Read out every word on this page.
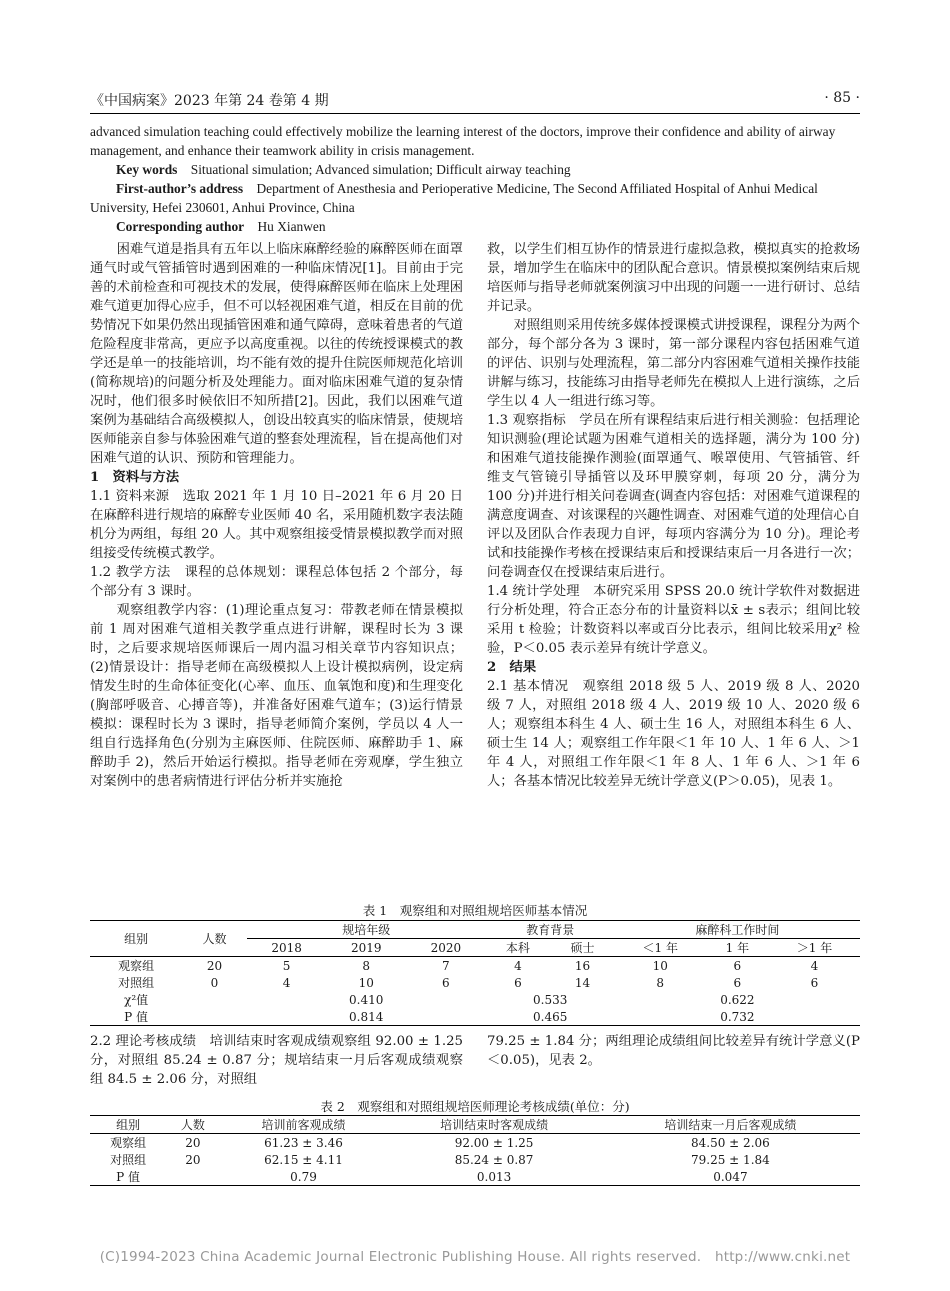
《中国病案》2023 年第 24 卷第 4 期	· 85 ·

advanced simulation teaching could effectively mobilize the learning interest of the doctors, improve their confidence and ability of airway management, and enhance their teamwork ability in crisis management.

Key words　 Situational simulation; Advanced simulation; Difficult airway teaching

First-author’s address　 Department of Anesthesia and Perioperative Medicine, The Second Affiliated Hospital of Anhui Medical University, Hefei 230601, Anhui Province, China

Corresponding author　 Hu Xianwen

困难气道是指具有五年以上临床麻醉经验的麻醉医师在面罩通气时或气管插管时遇到困难的一种临床情况[1]。目前由于完善的术前检查和可视技术的发展，使得麻醉医师在临床上处理困难气道更加得心应手，但不可以轻视困难气道，相反在目前的优势情况下如果仍然出现插管困难和通气障碍，意味着患者的气道危险程度非常高，更应予以高度重视。以往的传统授课模式的教学还是单一的技能培训，均不能有效的提升住院医师规范化培训(简称规培)的问题分析及处理能力。面对临床困难气道的复杂情况时，他们很多时候依旧不知所措[2]。因此，我们以困难气道案例为基础结合高级模拟人，创设出较真实的临床情景，使规培医师能亲自参与体验困难气道的整套处理流程，旨在提高他们对困难气道的认识、预防和管理能力。

1　资料与方法

1.1 资料来源　选取 2021 年 1 月 10 日–2021 年 6 月 20 日在麻醉科进行规培的麻醉专业医师 40 名，采用随机数字表法随机分为两组，每组 20 人。其中观察组接受情景模拟教学而对照组接受传统模式教学。

1.2 教学方法　课程的总体规划：课程总体包括 2 个部分，每个部分有 3 课时。

观察组教学内容：(1)理论重点复习：带教老师在情景模拟前 1 周对困难气道相关教学重点进行讲解，课程时长为 3 课时，之后要求规培医师课后一周内温习相关章节内容知识点；(2)情景设计：指导老师在高级模拟人上设计模拟病例，设定病情发生时的生命体征变化(心率、血压、血氧饱和度)和生理变化(胸部呼吸音、心搏音等)，并准备好困难气道车；(3)运行情景模拟：课程时长为 3 课时，指导老师简介案例，学员以 4 人一组自行选择角色(分别为主麻医师、住院医师、麻醉助手 1、麻醉助手 2)，然后开始运行模拟。指导老师在旁观摩，学生独立对案例中的患者病情进行评估分析并实施抢

救，以学生们相互协作的情景进行虚拟急救，模拟真实的抢救场景，增加学生在临床中的团队配合意识。情景模拟案例结束后规培医师与指导老师就案例演习中出现的问题一一进行研讨、总结并记录。

对照组则采用传统多媒体授课模式讲授课程，课程分为两个部分，每个部分各为 3 课时，第一部分课程内容包括困难气道的评估、识别与处理流程，第二部分内容困难气道相关操作技能讲解与练习，技能练习由指导老师先在模拟人上进行演练，之后学生以 4 人一组进行练习等。

1.3 观察指标　学员在所有课程结束后进行相关测验：包括理论知识测验(理论试题为困难气道相关的选择题，满分为 100 分)和困难气道技能操作测验(面罩通气、喉罩使用、气管插管、纤维支气管镜引导插管以及环甲膜穿刺，每项 20 分，满分为 100 分)并进行相关问卷调查(调查内容包括：对困难气道课程的满意度调查、对该课程的兴趣性调查、对困难气道的处理信心自评以及团队合作表现力自评，每项内容满分为 10 分)。理论考试和技能操作考核在授课结束后和授课结束后一月各进行一次；问卷调查仅在授课结束后进行。

1.4 统计学处理　本研究采用 SPSS 20.0 统计学软件对数据进行分析处理，符合正态分布的计量资料以x̄ ± s表示；组间比较采用 t 检验；计数资料以率或百分比表示，组间比较采用χ² 检验，P＜0.05 表示差异有统计学意义。

2　结果

2.1 基本情况　观察组 2018 级 5 人、2019 级 8 人、2020 级 7 人，对照组 2018 级 4 人、2019 级 10 人、2020 级 6 人；观察组本科生 4 人、硕士生 16 人，对照组本科生 6 人、硕士生 14 人；观察组工作年限＜1 年 10 人、1 年 6 人、＞1 年 4 人，对照组工作年限＜1 年 8 人、1 年 6 人、＞1 年 6 人；各基本情况比较差异无统计学意义(P＞0.05)，见表 1。

表 1　观察组和对照组规培医师基本情况
组别	人数	规培年级			教育背景		麻醉科工作时间		
		2018	2019	2020	本科	硕士	＜1 年	1 年	＞1 年
观察组	20	5	8	7	4	16	10	6	4
对照组	0	4	10	6	6	14	8	6	6
χ²值		0.410			0.533		0.622		
P 值		0.814			0.465		0.732		

2.2 理论考核成绩　培训结束时客观成绩观察组 92.00 ± 1.25 分，对照组 85.24 ± 0.87 分；规培结束一月后客观成绩观察组 84.5 ± 2.06 分，对照组

79.25 ± 1.84 分；两组理论成绩组间比较差异有统计学意义(P＜0.05)，见表 2。

表 2　观察组和对照组规培医师理论考核成绩(单位：分)
组别	人数	培训前客观成绩	培训结束时客观成绩	培训结束一月后客观成绩
观察组	20	61.23 ± 3.46	92.00 ± 1.25	84.50 ± 2.06
对照组	20	62.15 ± 4.11	85.24 ± 0.87	79.25 ± 1.84
P 值		0.79	0.013	0.047
(C)1994-2023 China Academic Journal Electronic Publishing House. All rights reserved.　http://www.cnki.net
